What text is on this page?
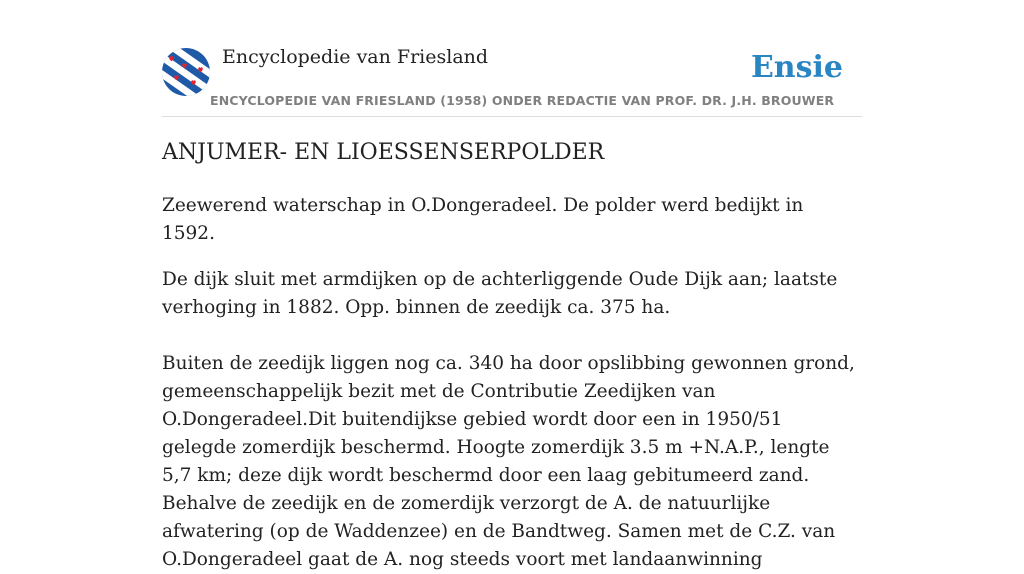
Encyclopedie van Friesland
ENCYCLOPEDIE VAN FRIESLAND (1958) ONDER REDACTIE VAN PROF. DR. J.H. BROUWER
Ensie
ANJUMER- EN LIOESSENSERPOLDER

Zeewerend waterschap in O.Dongeradeel. De polder werd bedijkt in 1592.

De dijk sluit met armdijken op de achterliggende Oude Dijk aan; laatste verhoging in 1882. Opp. binnen de zeedijk ca. 375 ha.

Buiten de zeedijk liggen nog ca. 340 ha door opslibbing gewonnen grond, gemeenschappelijk bezit met de Contributie Zeedijken van O.Dongeradeel.Dit buitendijkse gebied wordt door een in 1950/51 gelegde zomerdijk beschermd. Hoogte zomerdijk 3.5 m +N.A.P., lengte 5,7 km; deze dijk wordt beschermd door een laag gebitumeerd zand. Behalve de zeedijk en de zomerdijk verzorgt de A. de natuurlijke afwatering (op de Waddenzee) en de Bandtweg. Samen met de C.Z. van O.Dongeradeel gaat de A. nog steeds voort met landaanwinning
